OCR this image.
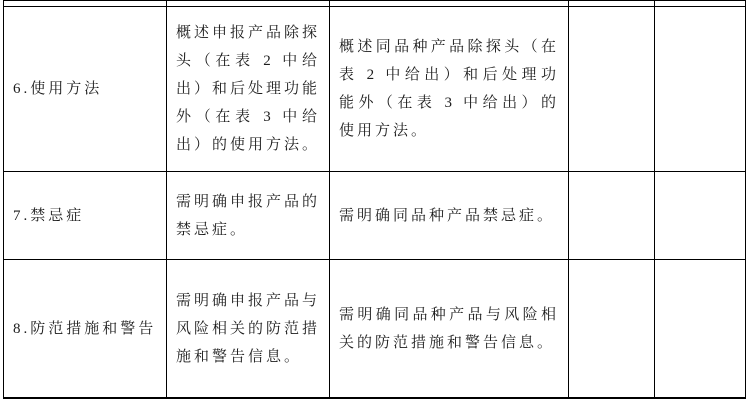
6.使用方法	概述申报产品除探头（在表 2 中给出）和后处理功能外（在表 3 中给出）的使用方法。	概述同品种产品除探头（在表 2 中给出）和后处理功能外（在表 3 中给出）的使用方法。		
7.禁忌症	需明确申报产品的禁忌症。	需明确同品种产品禁忌症。		
8.防范措施和警告	需明确申报产品与风险相关的防范措施和警告信息。	需明确同品种产品与风险相关的防范措施和警告信息。		
